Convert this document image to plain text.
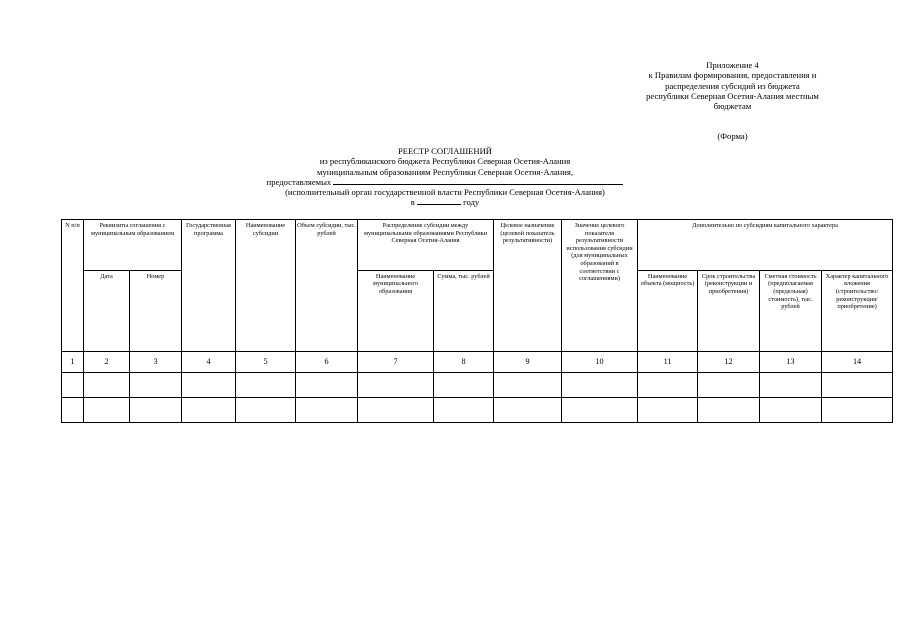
Приложение 4

к Правилам формирования, предоставления и

распределения субсидий из бюджета

республики Северная Осетия-Алания местным

бюджетам

(Форма)

РЕЕСТР СОГЛАШЕНИЙ

из республиканского бюджета Республики Северная Осетия-Алания

муниципальным образованиям Республики Северная Осетия-Алания,

предоставляемых

(исполнительный орган государственной власти Республики Северная Осетия-Алания)

в	году

N п/п	Реквизиты соглашения с муниципальным образованием		Государственная программа	Наименование субсидии	Объем субсидии, тыс. рублей	Распределение субсидии между муниципальными образованиями Республики Северная Осетия-Алания		Целевое назначение (целевой показатель результативности)	Значение целевого показателя результативности использования субсидии (для муниципальных образований в соответствии с соглашениями)	Дополнительно по субсидиям капитального характера			
	Дата	Номер				Наименование муниципального образования	Сумма, тыс. рублей			Наименование объекта (мощность)	Срок строительства (реконструкции и приобретения)	Сметная стоимость (предполагаемая (предельная) стоимость), тыс. рублей	Характер капитального вложения (строительство/реконструкция/приобретение)
1	2	3	4	5	6	7	8	9	10	11	12	13	14
